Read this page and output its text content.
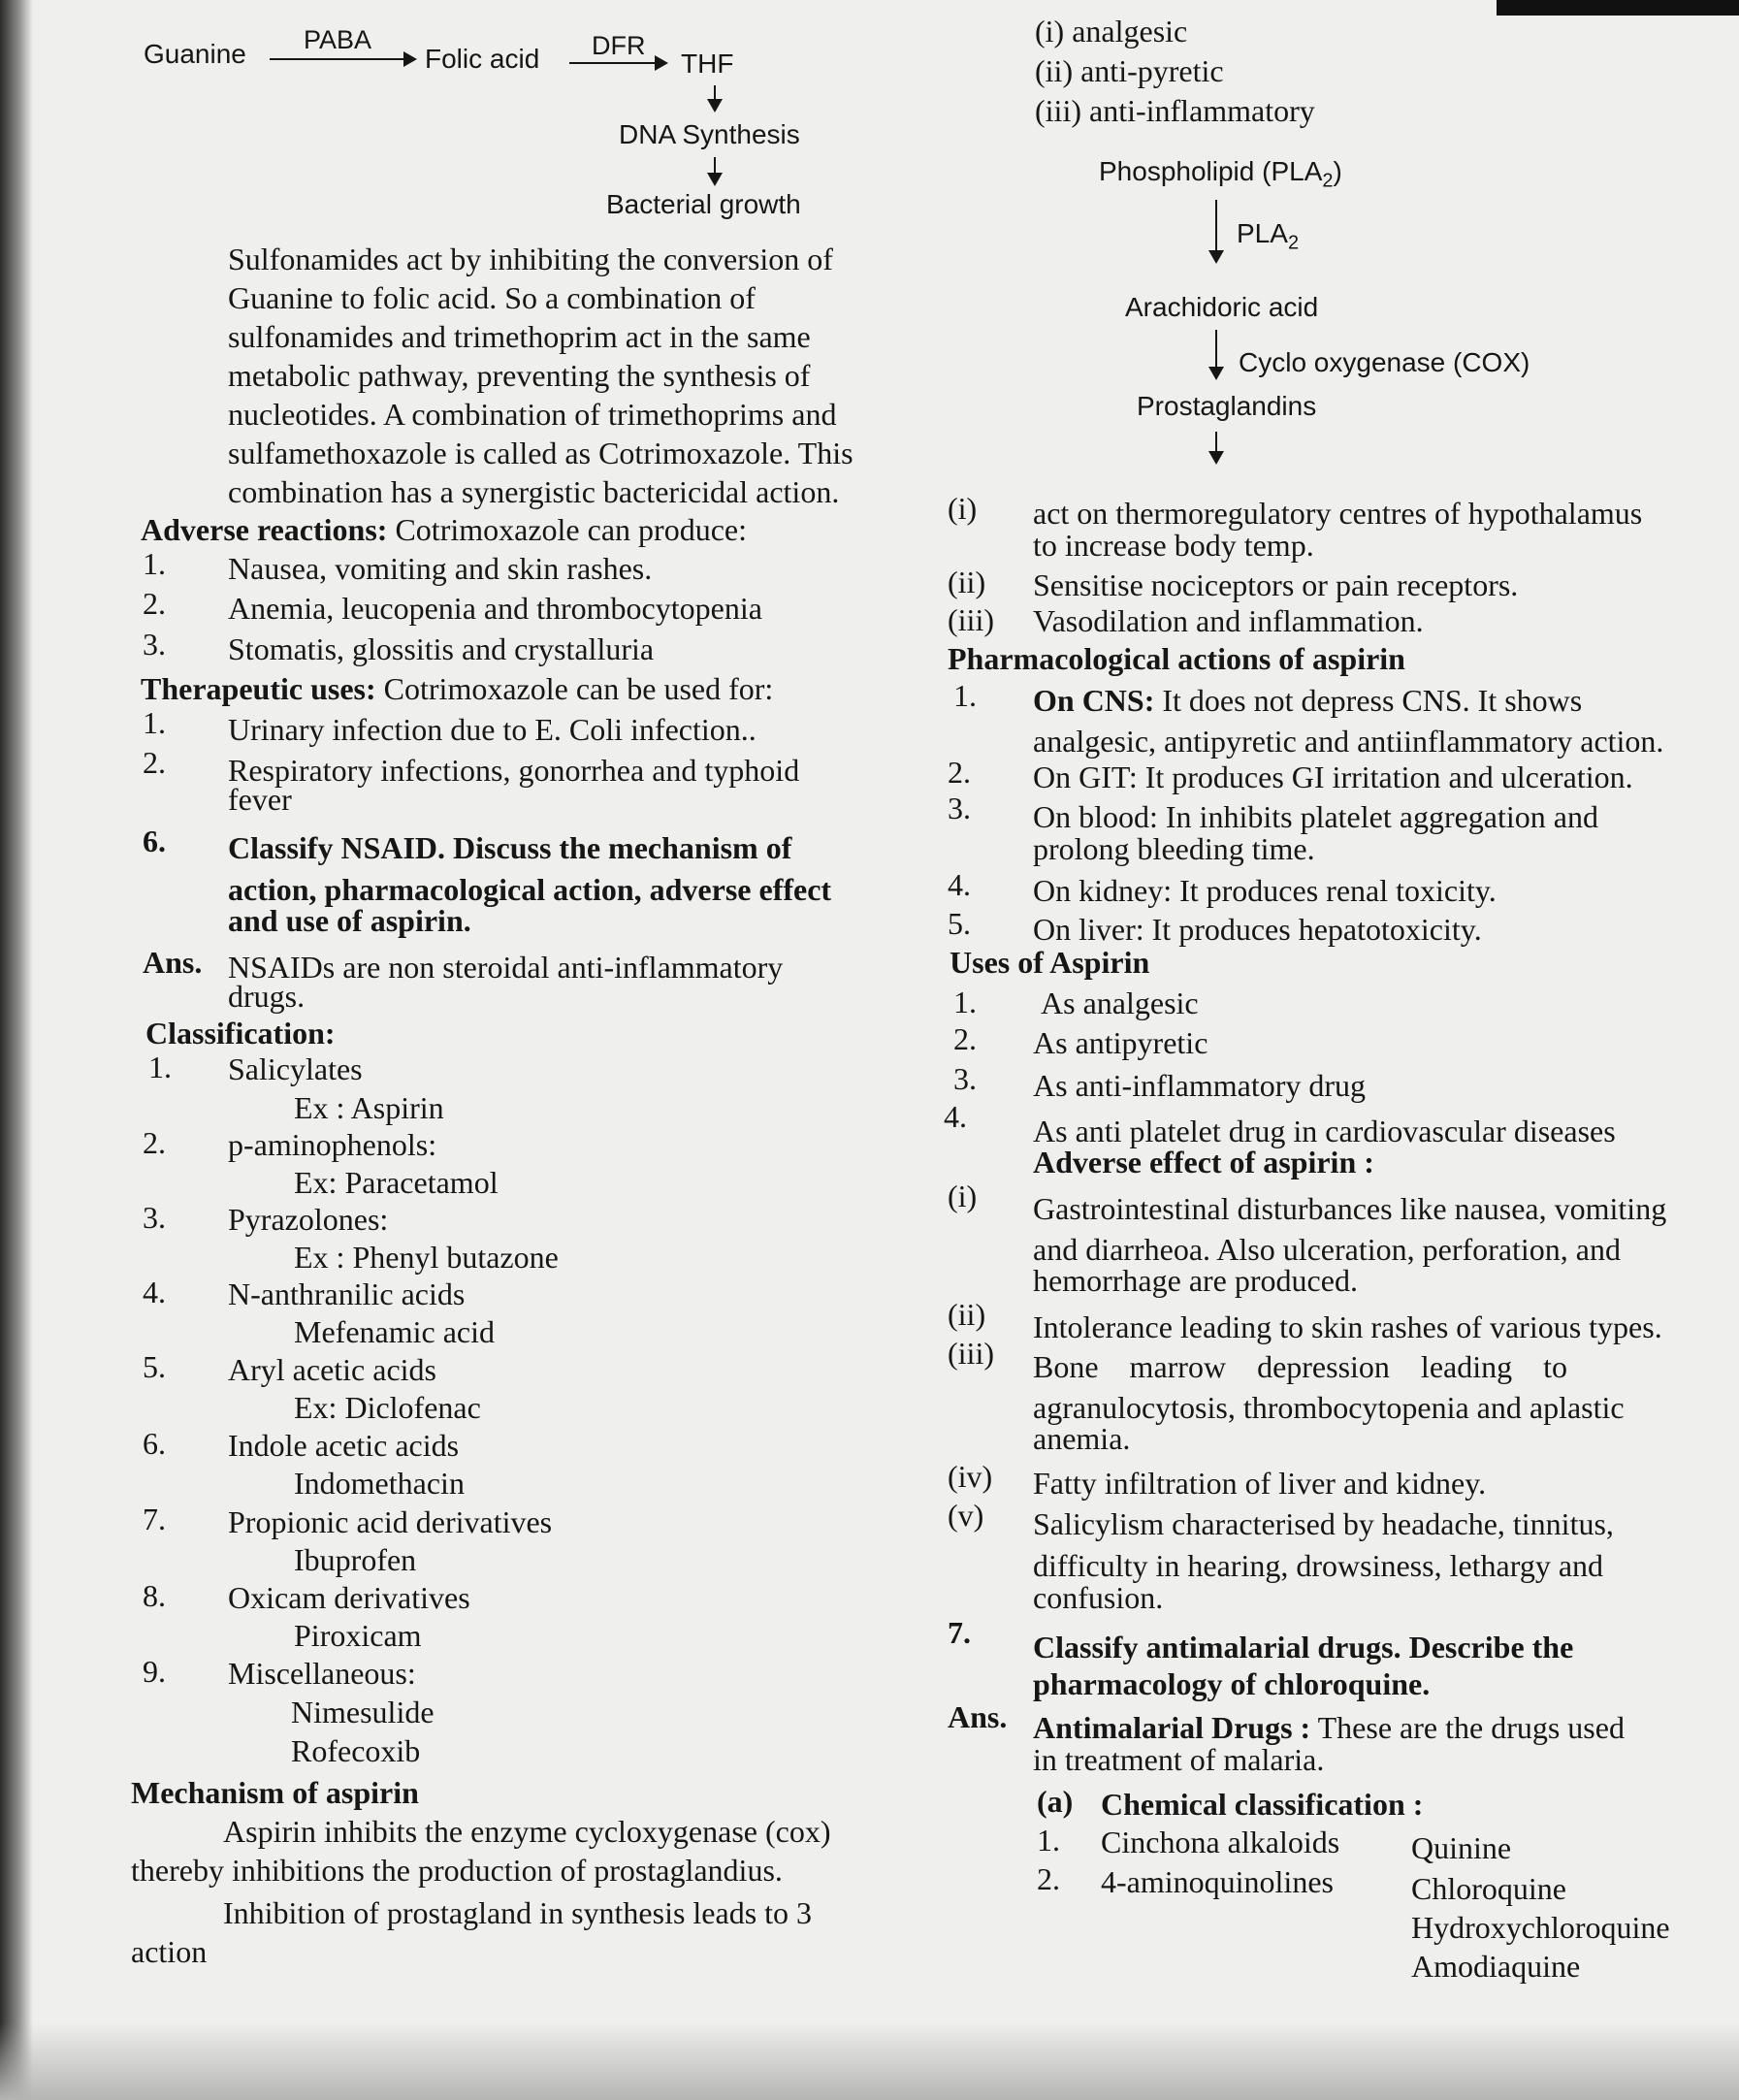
Guanine PABA
Folic acid DFR
THF
DNA Synthesis
Bacterial growth
Sulfonamides act by inhibiting the conversion of
Guanine to folic acid. So a combination of
sulfonamides and trimethoprim act in the same
metabolic pathway, preventing the synthesis of
nucleotides. A combination of trimethoprims and
sulfamethoxazole is called as Cotrimoxazole. This
combination has a synergistic bactericidal action.
Adverse reactions: Cotrimoxazole can produce:
1. Nausea, vomiting and skin rashes.
2. Anemia, leucopenia and thrombocytopenia
3. Stomatis, glossitis and crystalluria
Therapeutic uses: Cotrimoxazole can be used for:
1. Urinary infection due to E. Coli infection..
2. Respiratory infections, gonorrhea and typhoid
fever
6. Classify NSAID. Discuss the mechanism of
action, pharmacological action, adverse effect
and use of aspirin.
Ans. NSAIDs are non steroidal anti-inflammatory
drugs.
Classification:
1. Salicylates
Ex : Aspirin
2. p-aminophenols:
Ex: Paracetamol
3. Pyrazolones:
Ex : Phenyl butazone
4. N-anthranilic acids
Mefenamic acid
5. Aryl acetic acids
Ex: Diclofenac
6. Indole acetic acids
Indomethacin
7. Propionic acid derivatives
Ibuprofen
8. Oxicam derivatives
Piroxicam
9. Miscellaneous:
Nimesulide
Rofecoxib
Mechanism of aspirin
Aspirin inhibits the enzyme cycloxygenase (cox)
thereby inhibitions the production of prostaglandius.
Inhibition of prostagland in synthesis leads to 3
action
(i) analgesic
(ii) anti-pyretic
(iii) anti-inflammatory
Phospholipid $(PLA_2)$
$PLA_2$
Arachidoric acid
Cyclo oxygenase (COX)
Prostaglandins
(i) act on thermoregulatory centres of hypothalamus
to increase body temp.
(ii) Sensitise nociceptors or pain receptors.
(iii) Vasodilation and inflammation.
Pharmacological actions of aspirin
1. On CNS: It does not depress CNS. It shows
analgesic, antipyretic and antiinflammatory action.
2. On GIT: It produces GI irritation and ulceration.
3. On blood: In inhibits platelet aggregation and
prolong bleeding time.
4. On kidney: It produces renal toxicity.
5. On liver: It produces hepatotoxicity.
Uses of Aspirin
1. As analgesic
2. As antipyretic
3. As anti-inflammatory drug
4. As anti platelet drug in cardiovascular diseases
Adverse effect of aspirin :
(i) Gastrointestinal disturbances like nausea, vomiting
and diarrheoa. Also ulceration, perforation, and
hemorrhage are produced.
(ii) Intolerance leading to skin rashes of various types.
(iii) Bone    marrow    depression    leading    to
agranulocytosis, thrombocytopenia and aplastic
anemia.
(iv) Fatty infiltration of liver and kidney.
(v) Salicylism characterised by headache, tinnitus,
difficulty in hearing, drowsiness, lethargy and
confusion.
7. Classify antimalarial drugs. Describe the
pharmacology of chloroquine.
Ans. Antimalarial Drugs : These are the drugs used
in treatment of malaria.
(a) Chemical classification :
1. Cinchona alkaloids Quinine
2. 4-aminoquinolines	Chloroquine
Hydroxychloroquine
Amodiaquine
